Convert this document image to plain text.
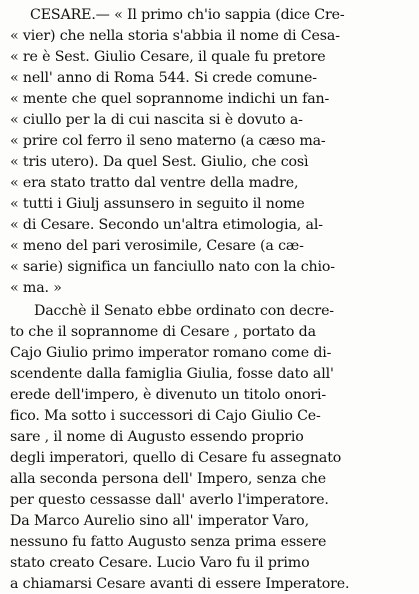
CESARE.— « Il primo ch'io sappia (dice Cre-
« vier) che nella storia s'abbia il nome di Cesa-
« re è Sest. Giulio Cesare, il quale fu pretore
« nell' anno di Roma 544. Si crede comune-
« mente che quel soprannome indichi un fan-
« ciullo per la di cui nascita si è dovuto a-
« prire col ferro il seno materno (a cæso ma-
« tris utero). Da quel Sest. Giulio, che così
« era stato tratto dal ventre della madre,
« tutti i Giulj assunsero in seguito il nome
« di Cesare. Secondo un'altra etimologia, al-
« meno del pari verosimile, Cesare (a cæ-
« sarie) significa un fanciullo nato con la chio-
« ma. »
Dacchè il Senato ebbe ordinato con decre-
to che il soprannome di Cesare , portato da
Cajo Giulio primo imperator romano come di-
scendente dalla famiglia Giulia, fosse dato all'
erede dell'impero, è divenuto un titolo onori-
fico. Ma sotto i successori di Cajo Giulio Ce-
sare , il nome di Augusto essendo proprio
degli imperatori, quello di Cesare fu assegnato
alla seconda persona dell' Impero, senza che
per questo cessasse dall' averlo l'imperatore.
Da Marco Aurelio sino all' imperator Varo,
nessuno fu fatto Augusto senza prima essere
stato creato Cesare. Lucio Varo fu il primo
a chiamarsi Cesare avanti di essere Imperatore.
